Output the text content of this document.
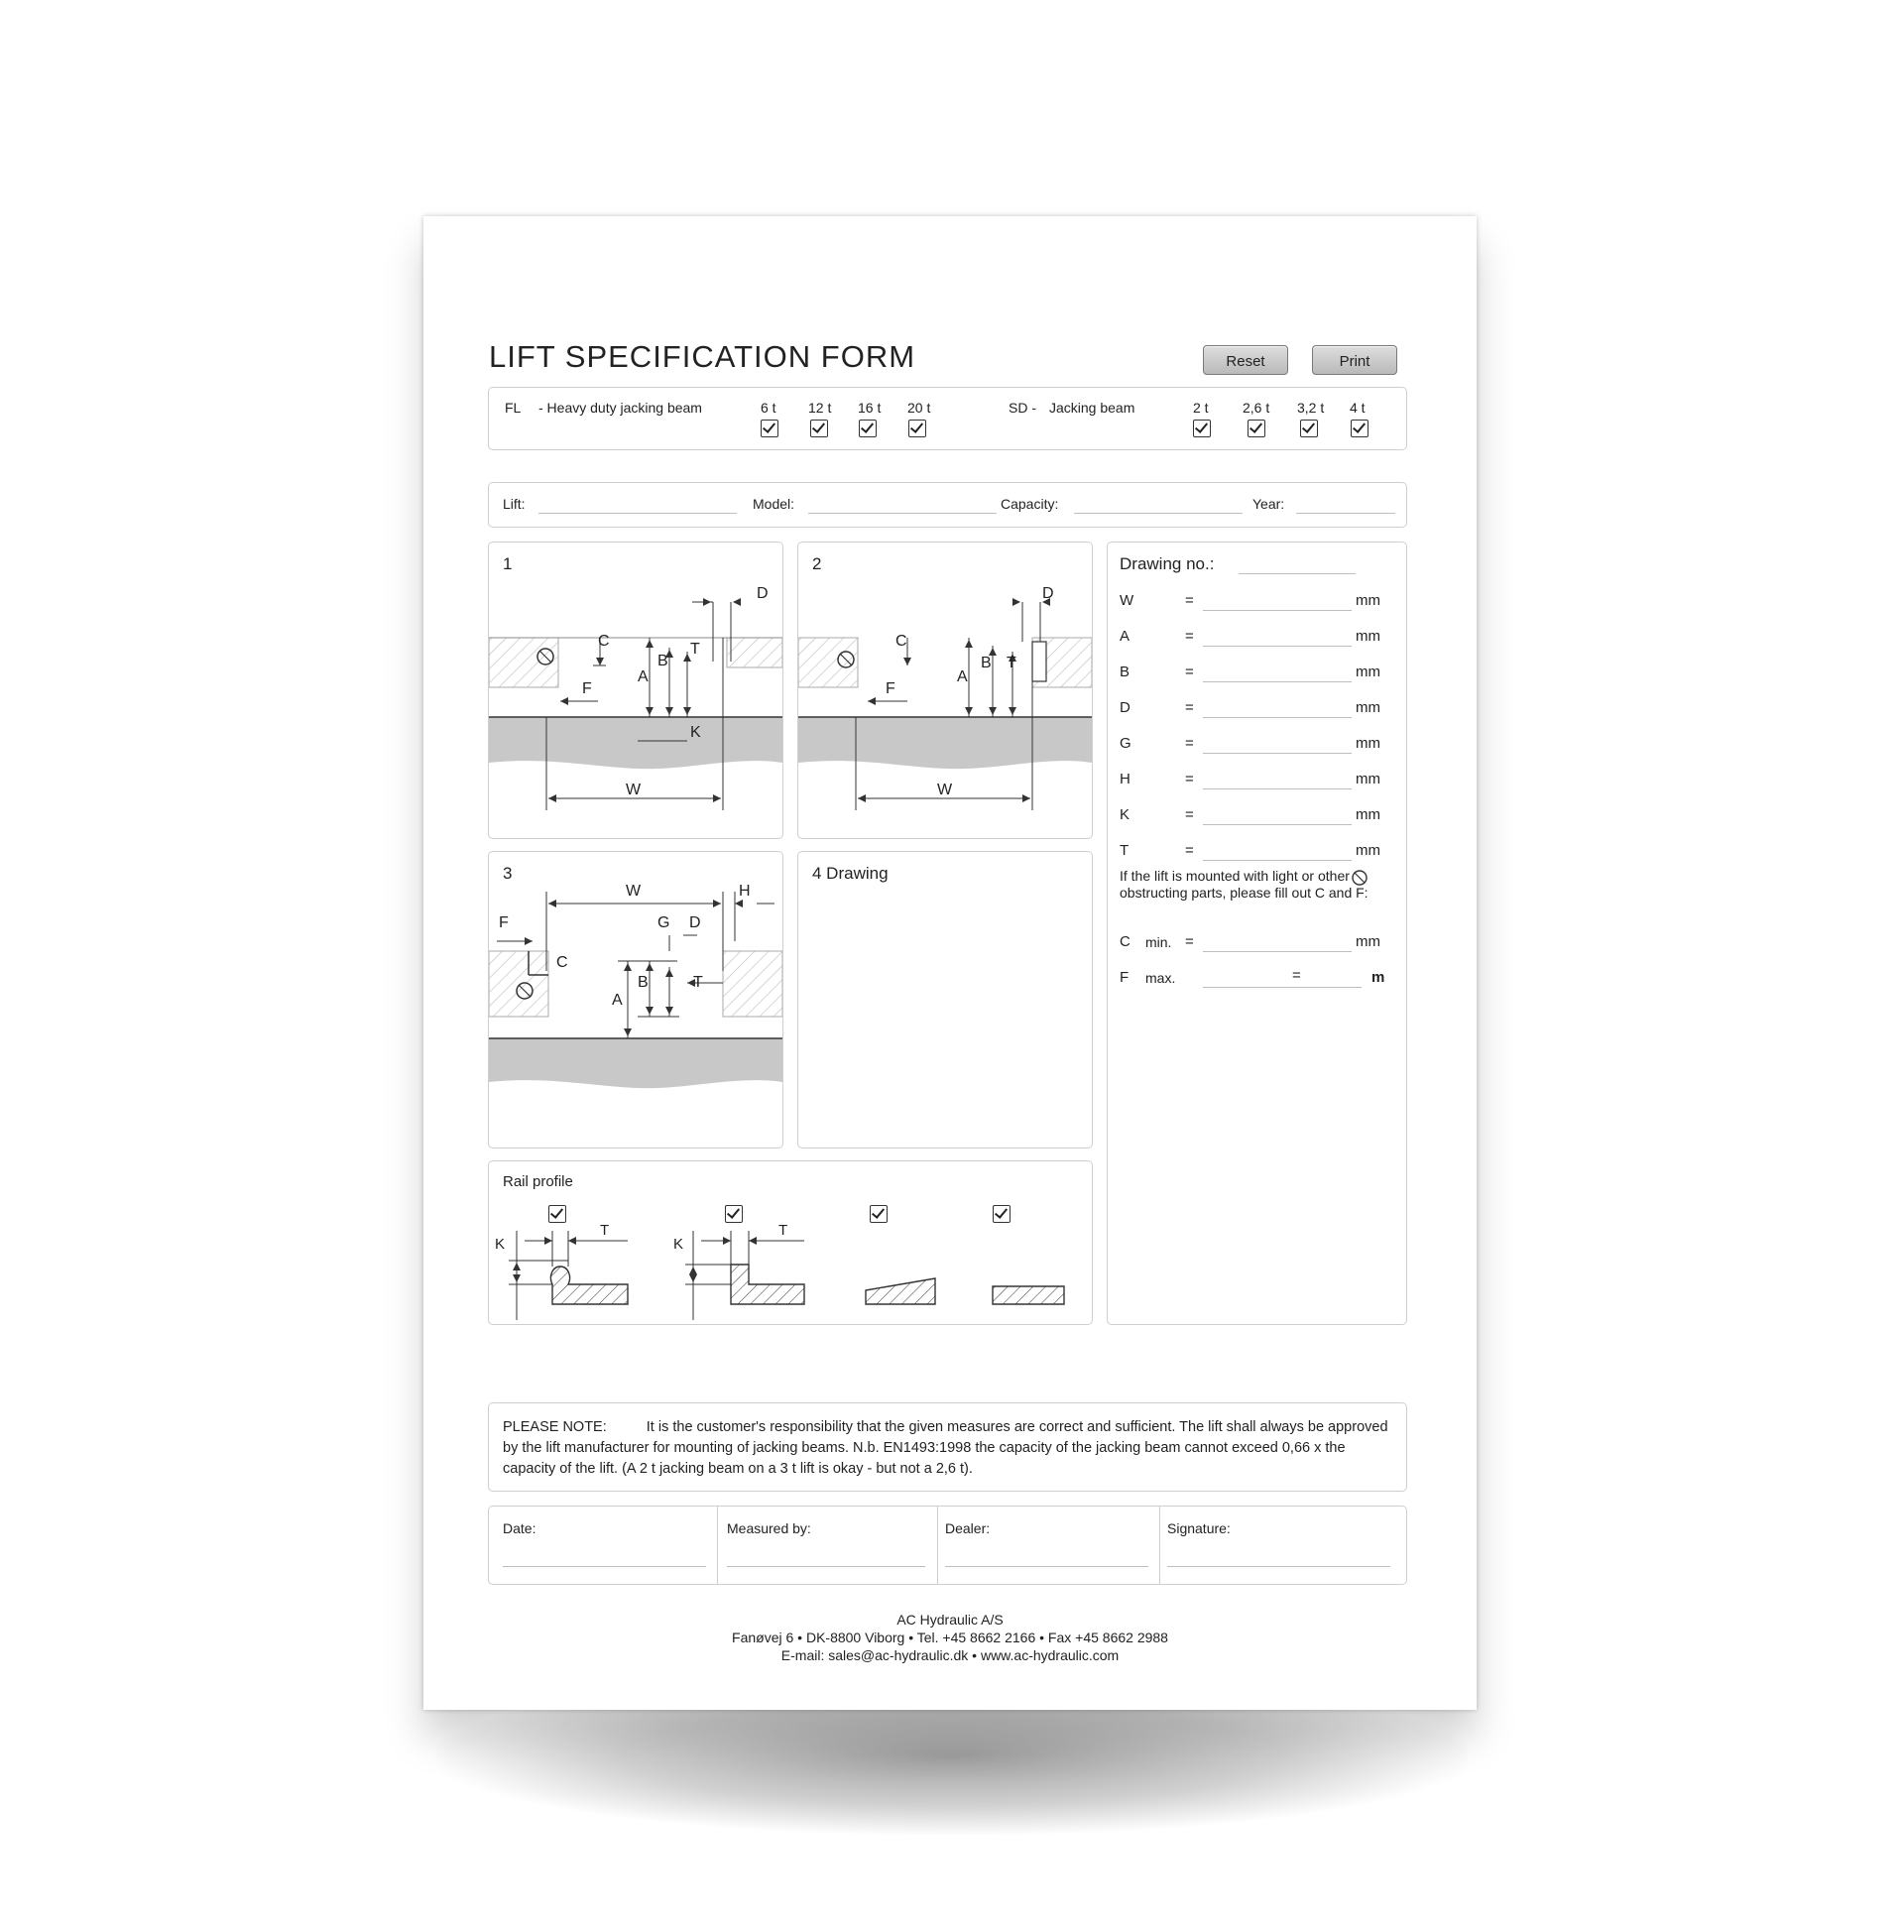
LIFT SPECIFICATION FORM	Reset	Print
FL - Heavy duty jacking beam	6 t 12 t 16 t 20 t	SD - Jacking beam	2 t 2,6 t 3,2 t 4 t
Lift:	Model:	Capacity:	Year:
1
C
F
A
B
T
D
K
W
2
C
F
A
B T
D
W
3
F
C
W	H
G D
A
B	T
4 Drawing
Drawing no.:
W	=	mm
A	=	mm
B	=	mm
D	=	mm
G	=	mm
H	=	mm
K	=	mm
T	=	mm
If the lift is mounted with light or other obstructing parts, please fill out C and F:
C min. =	mm
F max.	=	m
Rail profile
K
T
K
T
PLEASE NOTE:	It is the customer's responsibility that the given measures are correct and sufficient. The lift shall always be approved by the lift manufacturer for mounting of jacking beams. N.b. EN1493:1998 the capacity of the jacking beam cannot exceed 0,66 x the capacity of the lift. (A 2 t jacking beam on a 3 t lift is okay - but not a 2,6 t).
Date:	Measured by:	Dealer:	Signature:
AC Hydraulic A/S
Fanøvej 6 • DK-8800 Viborg • Tel. +45 8662 2166 • Fax +45 8662 2988
E-mail: sales@ac-hydraulic.dk • www.ac-hydraulic.com
